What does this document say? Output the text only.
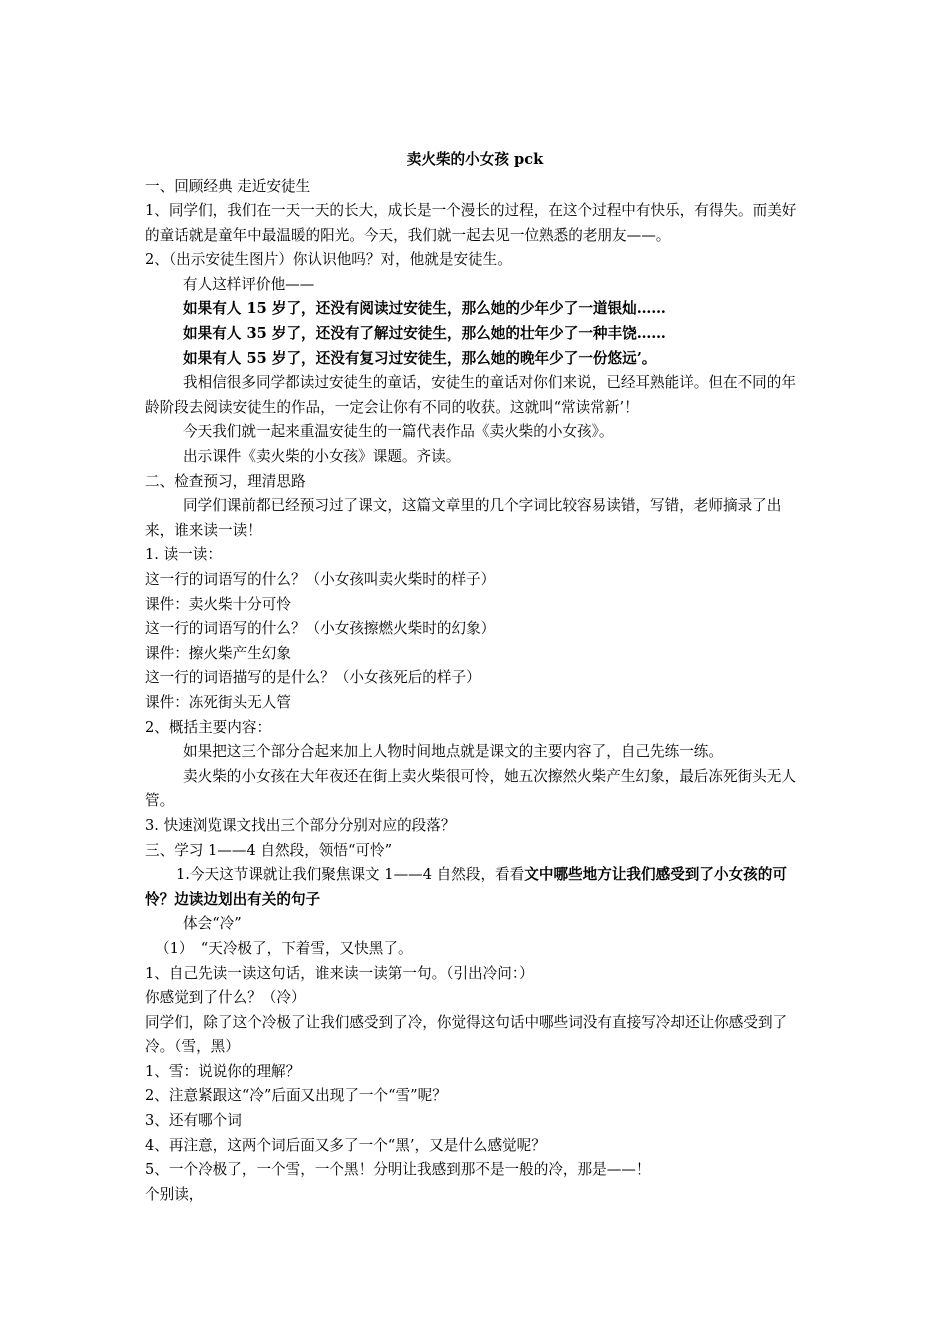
卖火柴的小女孩 pck

一、回顾经典 走近安徒生

1、同学们，我们在一天一天的长大，成长是一个漫长的过程，在这个过程中有快乐，有得失。而美好的童话就是童年中最温暖的阳光。今天，我们就一起去见一位熟悉的老朋友——。

2、（出示安徒生图片）你认识他吗？对，他就是安徒生。

有人这样评价他——

如果有人 15 岁了，还没有阅读过安徒生，那么她的少年少了一道银灿……

如果有人 35 岁了，还没有了解过安徒生，那么她的壮年少了一种丰饶……

如果有人 55 岁了，还没有复习过安徒生，那么她的晚年少了一份悠远’。

我相信很多同学都读过安徒生的童话，安徒生的童话对你们来说，已经耳熟能详。但在不同的年龄阶段去阅读安徒生的作品，一定会让你有不同的收获。这就叫“常读常新’！

今天我们就一起来重温安徒生的一篇代表作品《卖火柴的小女孩》。

出示课件《卖火柴的小女孩》课题。齐读。

二、检查预习，理清思路

同学们课前都已经预习过了课文，这篇文章里的几个字词比较容易读错，写错，老师摘录了出来，谁来读一读！

1. 读一读：

这一行的词语写的什么？（小女孩叫卖火柴时的样子）

课件：卖火柴十分可怜

这一行的词语写的什么？（小女孩擦燃火柴时的幻象）

课件：擦火柴产生幻象

这一行的词语描写的是什么？（小女孩死后的样子）

课件：冻死街头无人管

2、概括主要内容：

如果把这三个部分合起来加上人物时间地点就是课文的主要内容了，自己先练一练。

卖火柴的小女孩在大年夜还在街上卖火柴很可怜，她五次擦然火柴产生幻象，最后冻死街头无人管。

3. 快速浏览课文找出三个部分分别对应的段落？

三、学习 1——4 自然段，领悟“可怜”

1.今天这节课就让我们聚焦课文 1——4 自然段，看看文中哪些地方让我们感受到了小女孩的可怜？边读边划出有关的句子

体会“冷”

（1）　“天冷极了，下着雪，又快黑了。

1、自己先读一读这句话，谁来读一读第一句。（引出冷问：）

你感觉到了什么？（冷）

同学们，除了这个冷极了让我们感受到了冷，你觉得这句话中哪些词没有直接写冷却还让你感受到了冷。（雪，黑）

1、雪：说说你的理解？

2、注意紧跟这“冷”后面又出现了一个“雪”呢？

3、还有哪个词

4、再注意，这两个词后面又多了一个“黑’，又是什么感觉呢？

5、一个冷极了，一个雪，一个黑！分明让我感到那不是一般的冷，那是——！

个别读，
